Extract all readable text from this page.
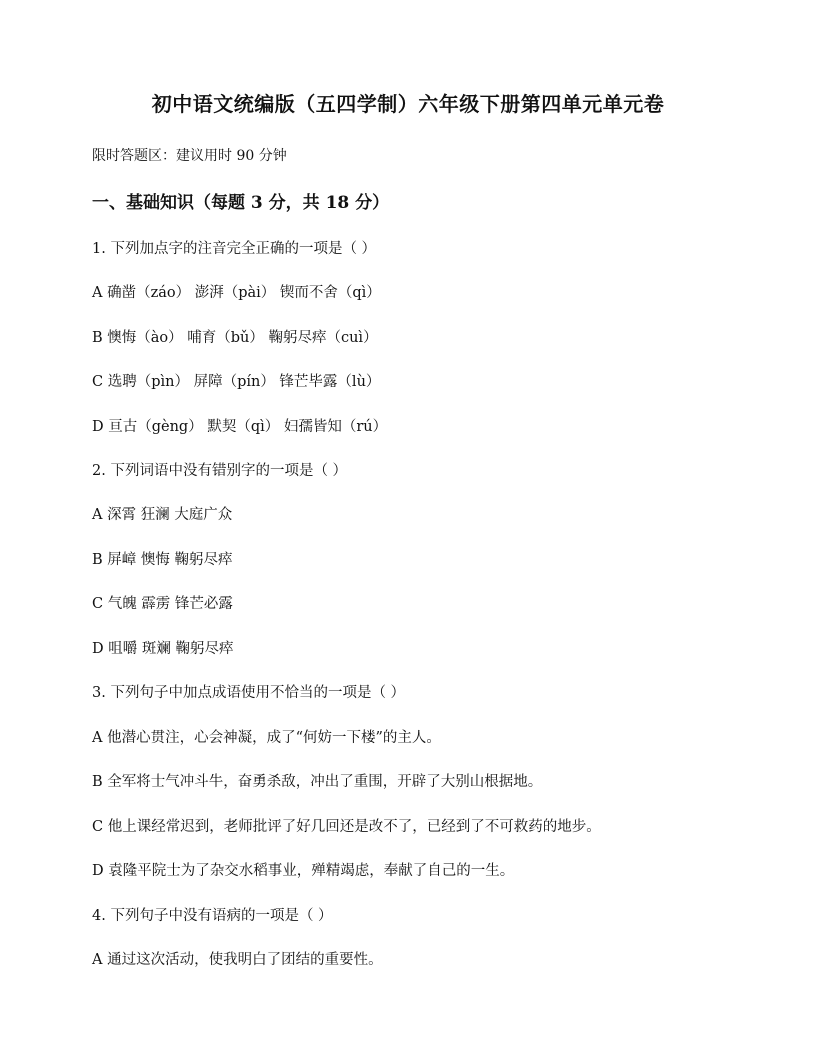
初中语文统编版（五四学制）六年级下册第四单元单元卷

限时答题区：建议用时 90 分钟

一、基础知识（每题 3 分，共 18 分）

1. 下列加点字的注音完全正确的一项是（ ）

A 确凿（záo） 澎湃（pài） 锲而不舍（qì）

B 懊悔（ào） 哺育（bǔ） 鞠躬尽瘁（cuì）

C 选聘（pìn） 屏障（pín） 锋芒毕露（lù）

D 亘古（gèng） 默契（qì） 妇孺皆知（rú）

2. 下列词语中没有错别字的一项是（ ）

A 深霄 狂澜 大庭广众

B 屏嶂 懊悔 鞠躬尽瘁

C 气魄 霹雳 锋芒必露

D 咀嚼 斑斓 鞠躬尽瘁

3. 下列句子中加点成语使用不恰当的一项是（ ）

A 他潜心贯注，心会神凝，成了“何妨一下楼”的主人。

B 全军将士气冲斗牛，奋勇杀敌，冲出了重围，开辟了大别山根据地。

C 他上课经常迟到，老师批评了好几回还是改不了，已经到了不可救药的地步。

D 袁隆平院士为了杂交水稻事业，殚精竭虑，奉献了自己的一生。

4. 下列句子中没有语病的一项是（ ）

A 通过这次活动，使我明白了团结的重要性。
